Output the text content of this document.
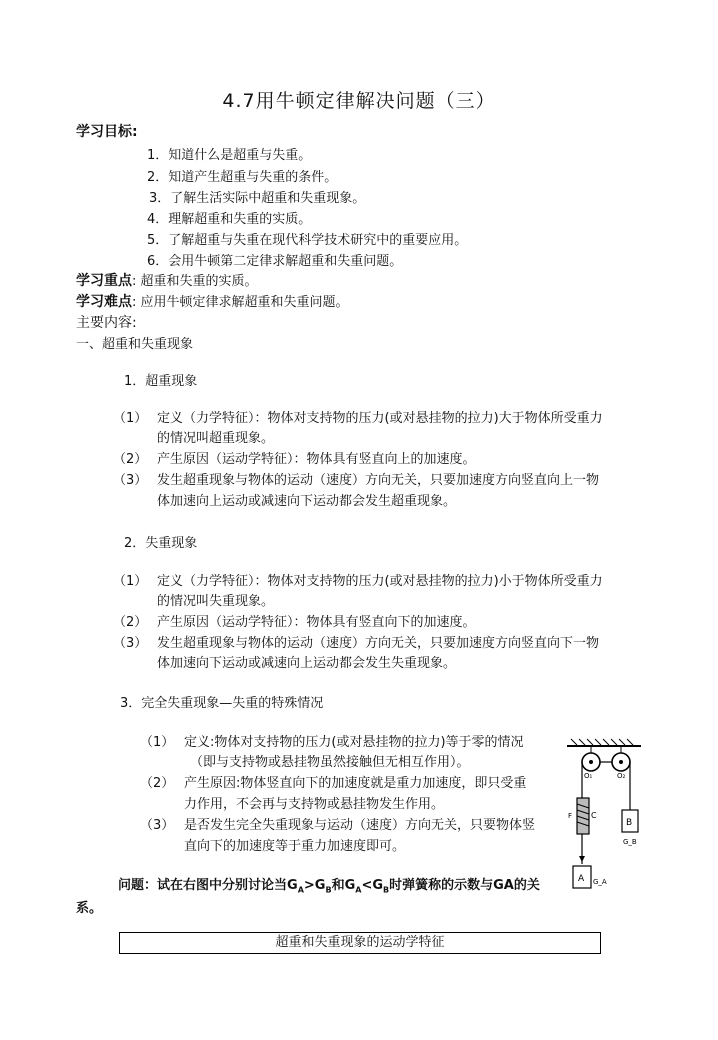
4.7用牛顿定律解决问题（三）
学习目标:
1．知道什么是超重与失重。
2．知道产生超重与失重的条件。
3．了解生活实际中超重和失重现象。
4．理解超重和失重的实质。
5．了解超重与失重在现代科学技术研究中的重要应用。
6．会用牛顿第二定律求解超重和失重问题。
学习重点: 超重和失重的实质。
学习难点: 应用牛顿定律求解超重和失重问题。
主要内容:
一、超重和失重现象
1．超重现象
（1） 定义（力学特征）：物体对支持物的压力(或对悬挂物的拉力)大于物体所受重力
的情况叫超重现象。
（2） 产生原因（运动学特征）：物体具有竖直向上的加速度。
（3） 发生超重现象与物体的运动（速度）方向无关，只要加速度方向竖直向上一物
体加速向上运动或减速向下运动都会发生超重现象。
2．失重现象
（1） 定义（力学特征）：物体对支持物的压力(或对悬挂物的拉力)小于物体所受重力
的情况叫失重现象。
（2） 产生原因（运动学特征）：物体具有竖直向下的加速度。
（3） 发生超重现象与物体的运动（速度）方向无关，只要加速度方向竖直向下一物
体加速向下运动或减速向上运动都会发生失重现象。
3．完全失重现象—失重的特殊情况
（1） 定义:物体对支持物的压力(或对悬挂物的拉力)等于零的情况
（即与支持物或悬挂物虽然接触但无相互作用）。
（2） 产生原因:物体竖直向下的加速度就是重力加速度，即只受重
力作用，不会再与支持物或悬挂物发生作用。
（3） 是否发生完全失重现象与运动（速度）方向无关，只要物体竖
直向下的加速度等于重力加速度即可。
问题：试在右图中分别讨论当$G_A>G_B$和$G_A<G_B$时弹簧称的示数与GA的关
系。
O₁	O₂
C
F
B
G_B
A G_A
超重和失重现象的运动学特征
